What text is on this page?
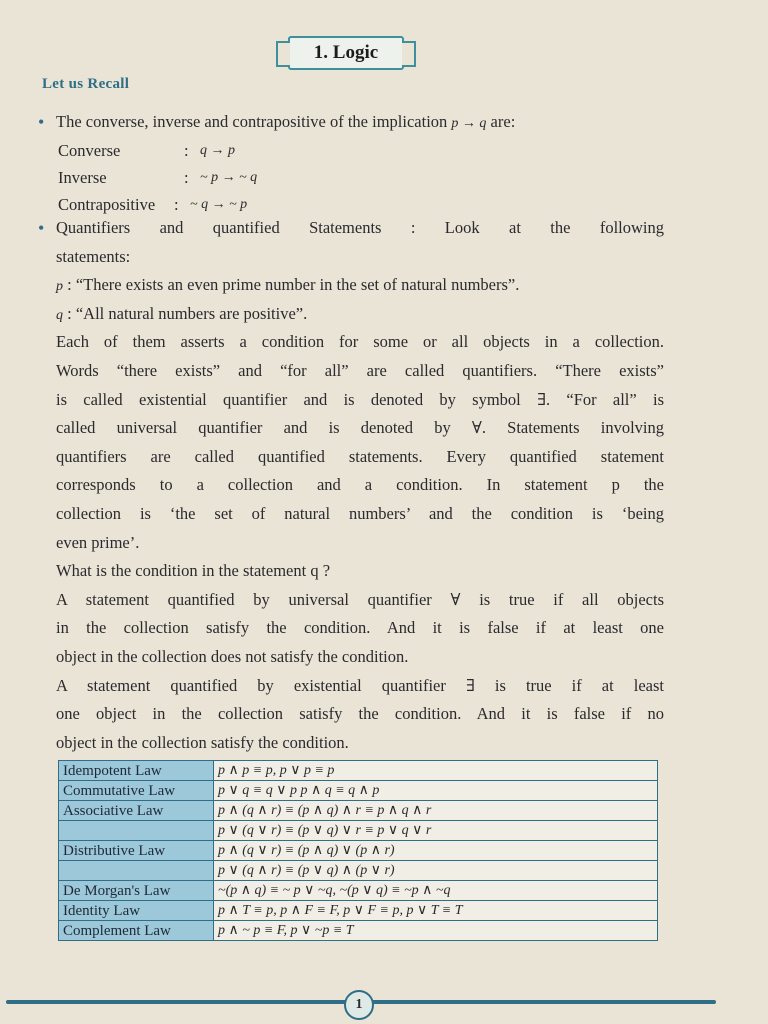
1. Logic
Let us Recall
• The converse, inverse and contrapositive of the implication p → q are:
Converse	: q → p
Inverse	: ~ p → ~ q
Contrapositive : ~ q → ~ p
• Quantifiers and quantified Statements : Look at the following
statements:
p : “There exists an even prime number in the set of natural numbers”.
q : “All natural numbers are positive”.
Each of them asserts a condition for some or all objects in a collection.
Words “there exists” and “for all” are called quantifiers. “There exists”
is called existential quantifier and is denoted by symbol ∃. “For all” is
called universal quantifier and is denoted by ∀. Statements involving
quantifiers are called quantified statements. Every quantified statement
corresponds to a collection and a condition. In statement p the
collection is ‘the set of natural numbers’ and the condition is ‘being
even prime’.
What is the condition in the statement q ?
A statement quantified by universal quantifier ∀ is true if all objects
in the collection satisfy the condition. And it is false if at least one
object in the collection does not satisfy the condition.
A statement quantified by existential quantifier ∃ is true if at least
one object in the collection satisfy the condition. And it is false if no
object in the collection satisfy the condition.
Idempotent Law	p ∧ p ≡ p, p ∨ p ≡ p
Commutative Law	p ∨ q ≡ q ∨ p p ∧ q ≡ q ∧ p
Associative Law	p ∧ (q ∧ r) ≡ (p ∧ q) ∧ r ≡ p ∧ q ∧ r
	p ∨ (q ∨ r) ≡ (p ∨ q) ∨ r ≡ p ∨ q ∨ r
Distributive Law	p ∧ (q ∨ r) ≡ (p ∧ q) ∨ (p ∧ r)
	p ∨ (q ∧ r) ≡ (p ∨ q) ∧ (p ∨ r)
De Morgan's Law	~(p ∧ q) ≡ ~ p ∨ ~q, ~(p ∨ q) ≡ ~p ∧ ~q
Identity Law	p ∧ T ≡ p, p ∧ F ≡ F, p ∨ F ≡ p, p ∨ T ≡ T
Complement Law	p ∧ ~ p ≡ F, p ∨ ~p ≡ T
1
